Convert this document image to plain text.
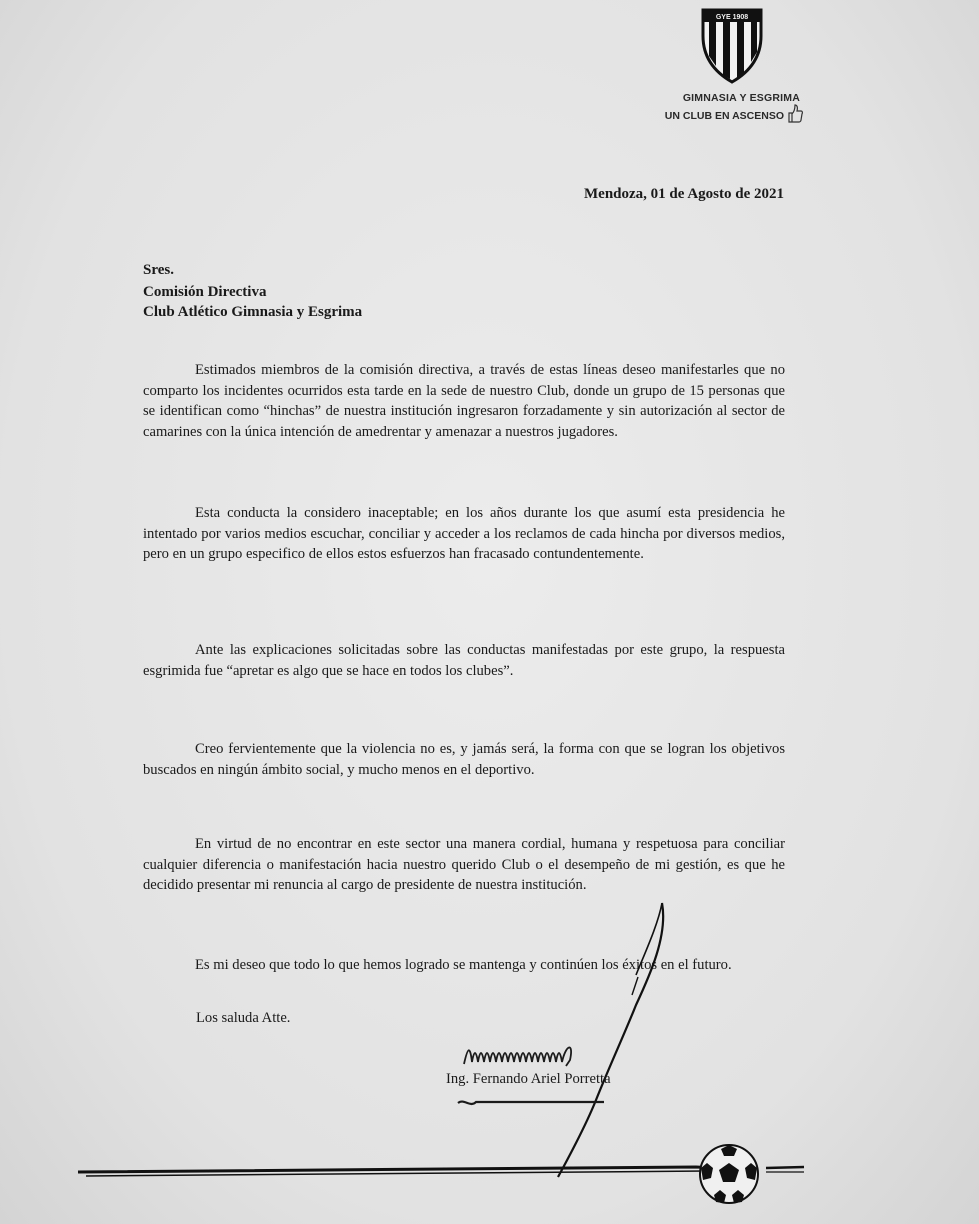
GYE 1908
GIMNASIA Y ESGRIMA
UN CLUB EN ASCENSO
Mendoza, 01 de Agosto de 2021
Sres.
Comisión Directiva
Club Atlético Gimnasia y Esgrima
Estimados miembros de la comisión directiva, a través de estas líneas deseo manifestarles que no comparto los incidentes ocurridos esta tarde en la sede de nuestro Club, donde un grupo de 15 personas que se identifican como “hinchas” de nuestra institución ingresaron forzadamente y sin autorización al sector de camarines con la única intención de amedrentar y amenazar a nuestros jugadores.
Esta conducta la considero inaceptable; en los años durante los que asumí esta presidencia he intentado por varios medios escuchar, conciliar y acceder a los reclamos de cada hincha por diversos medios, pero en un grupo especifico de ellos estos esfuerzos han fracasado contundentemente.
Ante las explicaciones solicitadas sobre las conductas manifestadas por este grupo, la respuesta esgrimida fue “apretar es algo que se hace en todos los clubes”.
Creo fervientemente que la violencia no es, y jamás será, la forma con que se logran los objetivos buscados en ningún ámbito social, y mucho menos en el deportivo.
En virtud de no encontrar en este sector una manera cordial, humana y respetuosa para conciliar cualquier diferencia o manifestación hacia nuestro querido Club o el desempeño de mi gestión, es que he decidido presentar mi renuncia al cargo de presidente de nuestra institución.
Es mi deseo que todo lo que hemos logrado se mantenga y continúen los éxitos en el futuro.
Los saluda Atte.
Ing. Fernando Ariel Porretta
